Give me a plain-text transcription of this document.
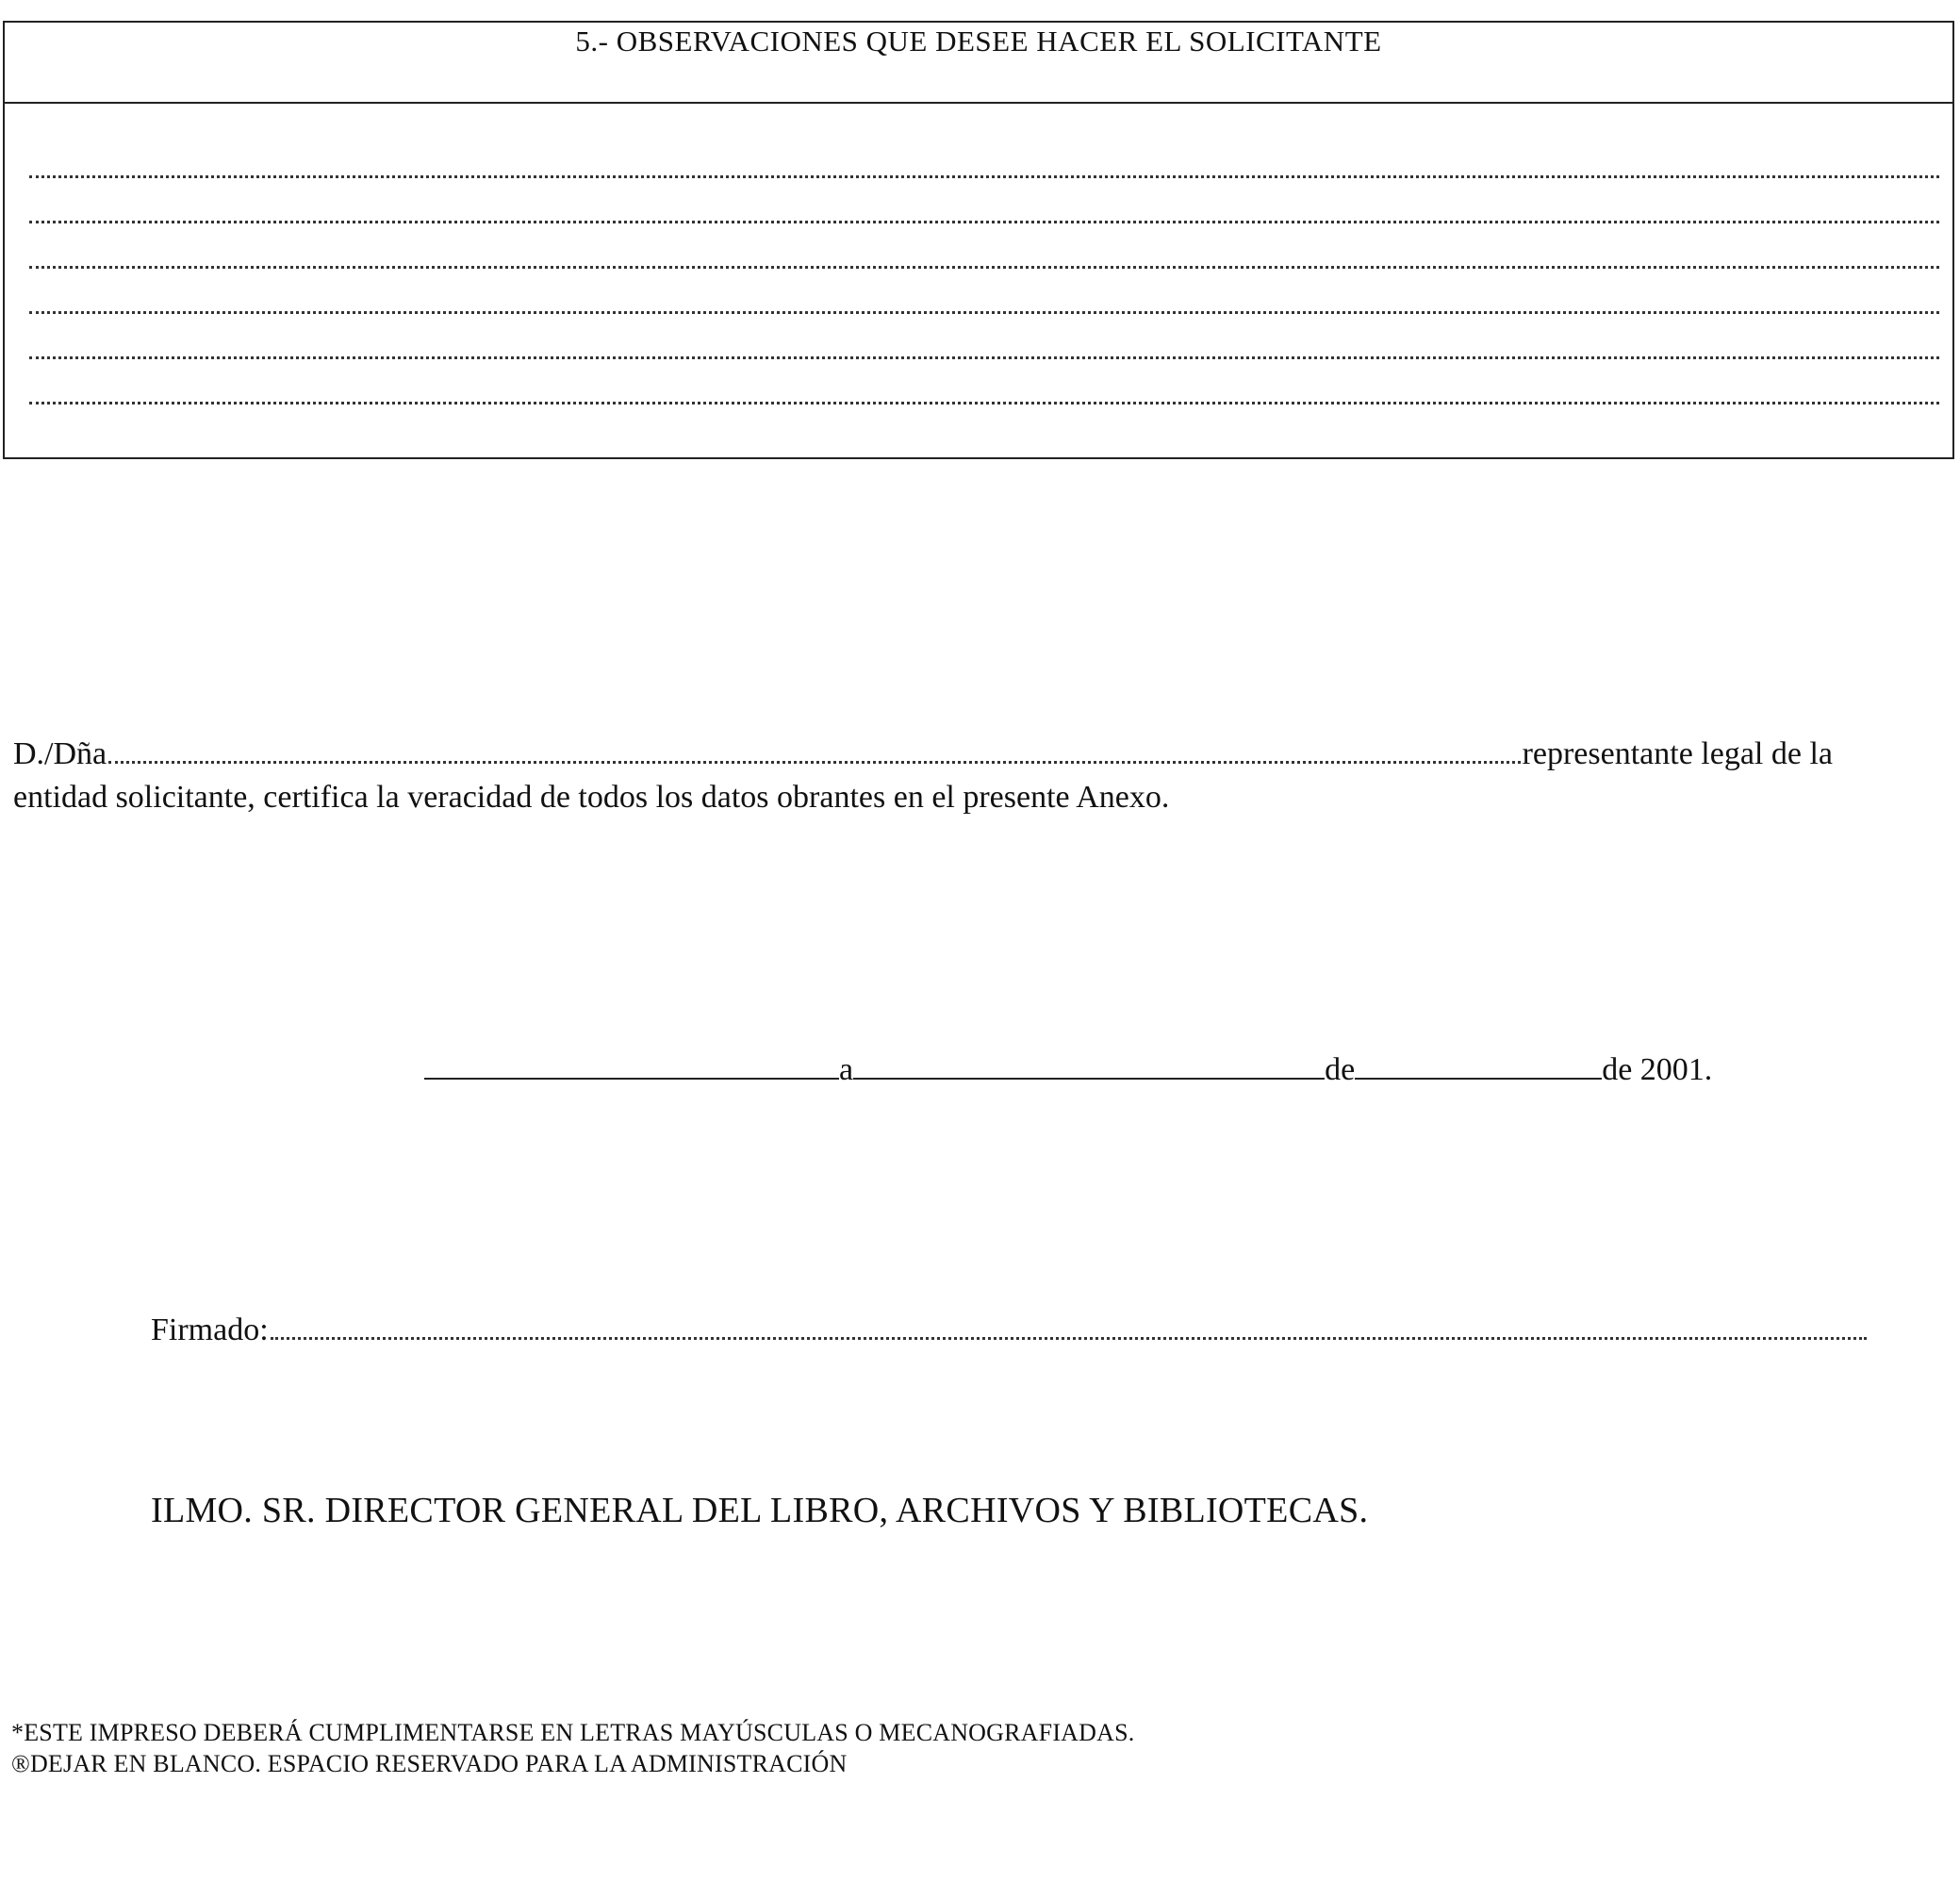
5.- OBSERVACIONES QUE DESEE HACER EL SOLICITANTE
D./Dña	representante legal de la
entidad solicitante, certifica la veracidad de todos los datos obrantes en el presente Anexo.
a	de	de 2001.
Firmado:
ILMO. SR. DIRECTOR GENERAL DEL LIBRO, ARCHIVOS Y BIBLIOTECAS.
*ESTE IMPRESO DEBERÁ CUMPLIMENTARSE EN LETRAS MAYÚSCULAS O MECANOGRAFIADAS.
®DEJAR EN BLANCO. ESPACIO RESERVADO PARA LA ADMINISTRACIÓN
